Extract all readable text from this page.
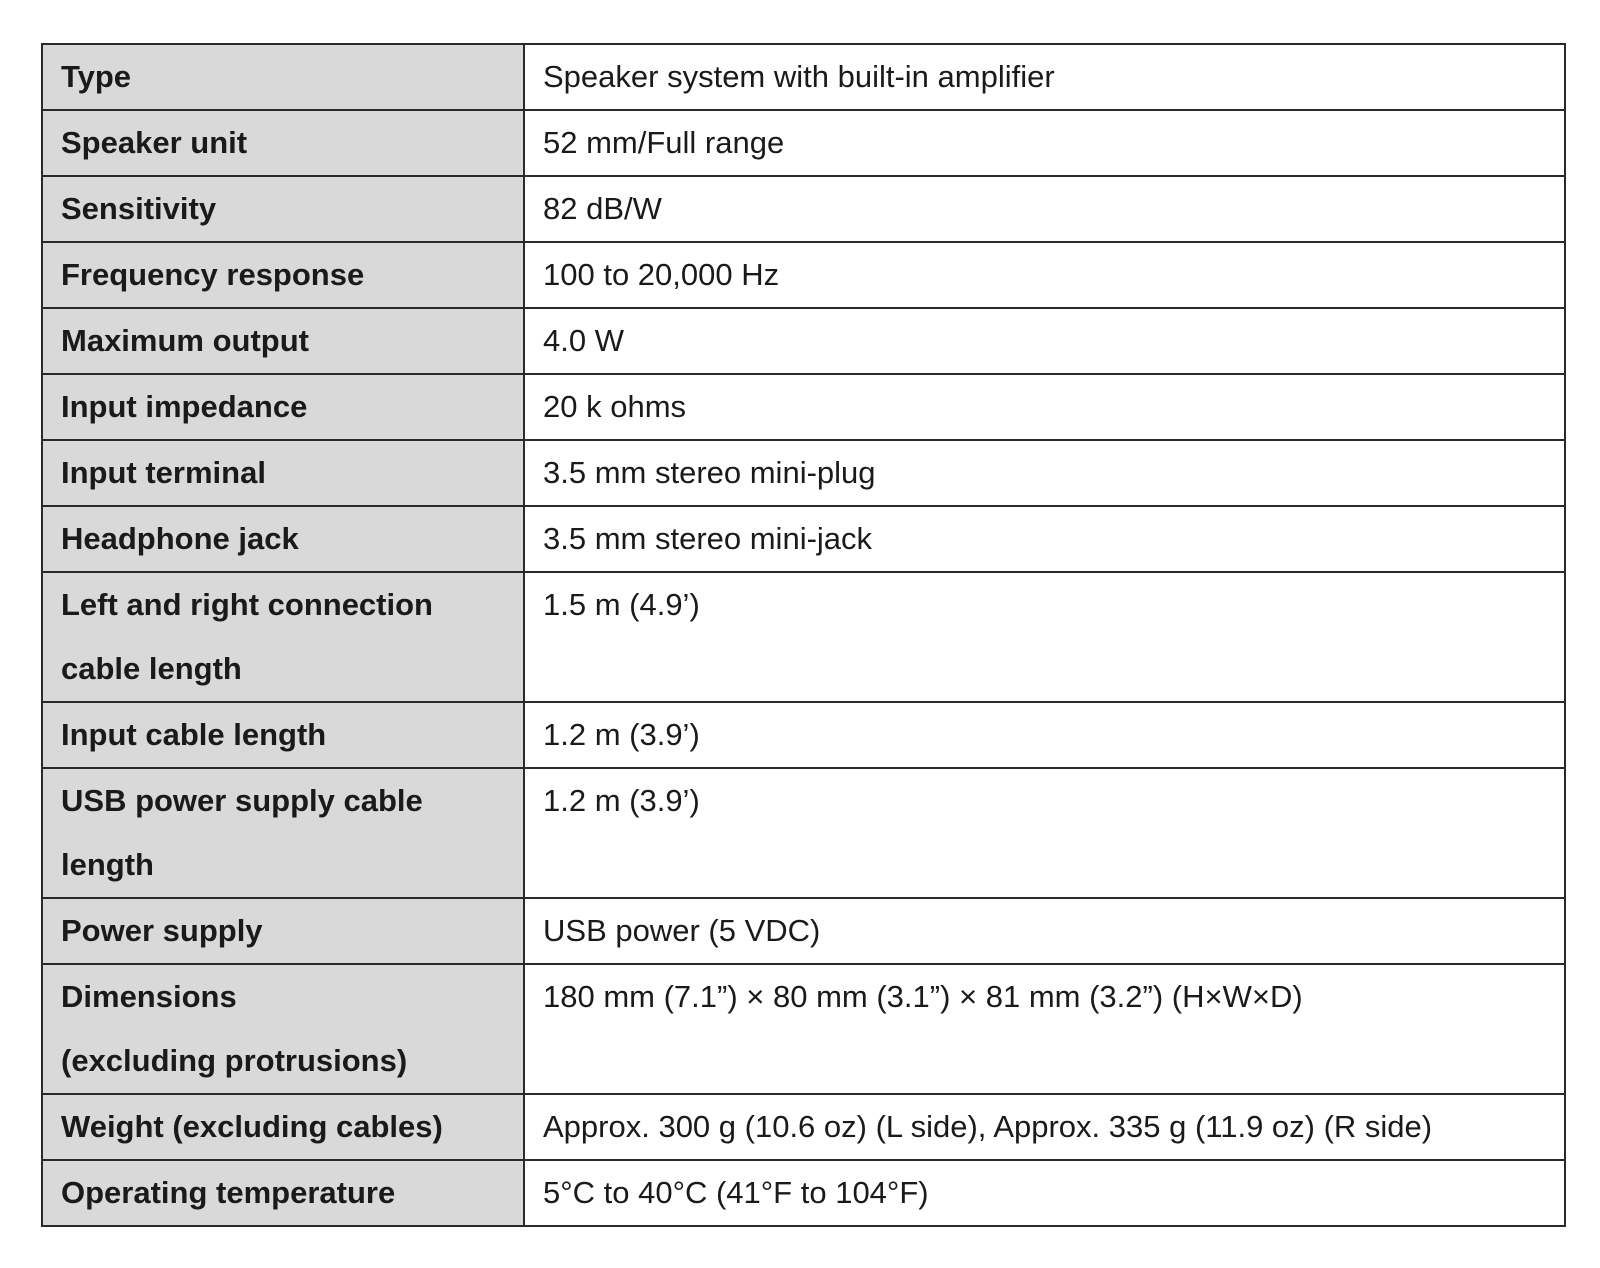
Type	Speaker system with built-in amplifier
Speaker unit	52 mm/Full range
Sensitivity	82 dB/W
Frequency response	100 to 20,000 Hz
Maximum output	4.0 W
Input impedance	20 k ohms
Input terminal	3.5 mm stereo mini-plug
Headphone jack	3.5 mm stereo mini-jack
Left and right connection
cable length	1.5 m (4.9’)
Input cable length	1.2 m (3.9’)
USB power supply cable
length	1.2 m (3.9’)
Power supply	USB power (5 VDC)
Dimensions
(excluding protrusions)	180 mm (7.1”) × 80 mm (3.1”) × 81 mm (3.2”) (H×W×D)
Weight (excluding cables)	Approx. 300 g (10.6 oz) (L side), Approx. 335 g (11.9 oz) (R side)
Operating temperature	5°C to 40°C (41°F to 104°F)
